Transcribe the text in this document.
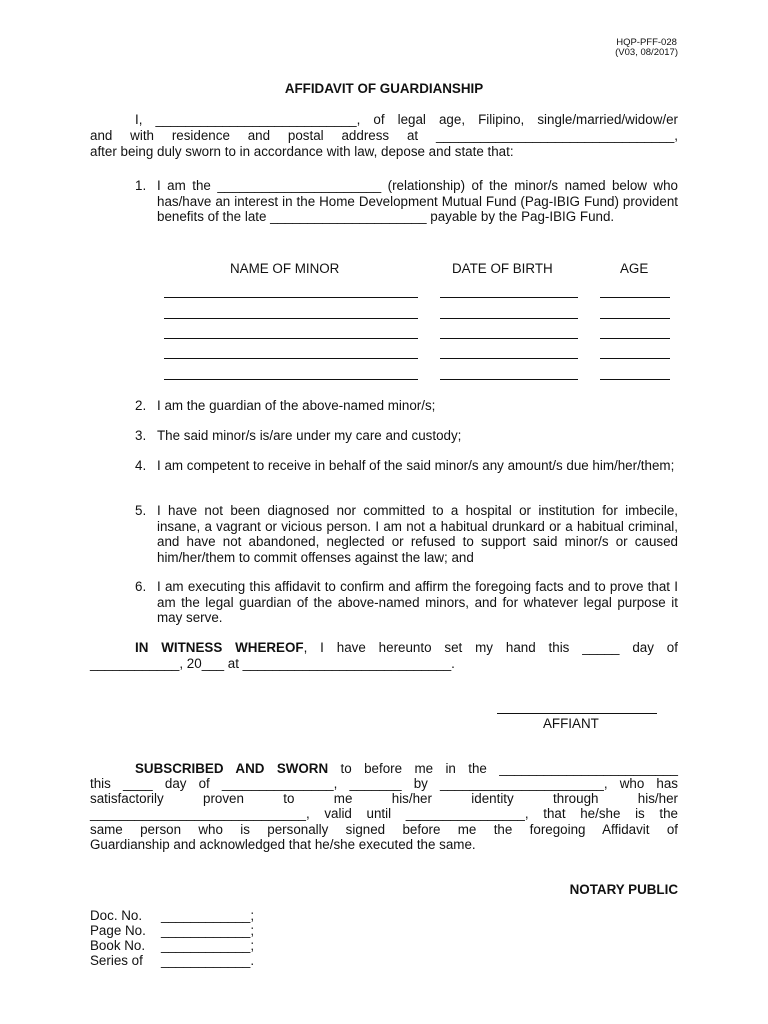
HQP-PFF-028
(V03, 08/2017)
AFFIDAVIT OF GUARDIANSHIP
I, ___________________________, of legal age, Filipino, single/married/widow/er
and with residence and postal address at ________________________________,
after being duly sworn to in accordance with law, depose and state that:
1. I am the ______________________ (relationship) of the minor/s named below who has/have an interest in the Home Development Mutual Fund (Pag-IBIG Fund) provident benefits of the late _____________________ payable by the Pag-IBIG Fund.
NAME OF MINOR	DATE OF BIRTH	AGE
2. I am the guardian of the above-named minor/s;
3. The said minor/s is/are under my care and custody;
4. I am competent to receive in behalf of the said minor/s any amount/s due him/her/them;
5. I have not been diagnosed nor committed to a hospital or institution for imbecile, insane, a vagrant or vicious person. I am not a habitual drunkard or a habitual criminal, and have not abandoned, neglected or refused to support said minor/s or caused him/her/them to commit offenses against the law; and
6. I am executing this affidavit to confirm and affirm the foregoing facts and to prove that I am the legal guardian of the above-named minors, and for whatever legal purpose it may serve.
IN WITNESS WHEREOF, I have hereunto set my hand this _____ day of
____________, 20___ at ____________________________.
AFFIANT
SUBSCRIBED AND SWORN to before me in the ________________________
this ____ day of _______________, _______ by ______________________, who has
satisfactorily proven to me his/her identity through his/her
_____________________________, valid until ________________, that he/she is the
same person who is personally signed before me the foregoing Affidavit of
Guardianship and acknowledged that he/she executed the same.
NOTARY PUBLIC
Doc. No. ____________;
Page No. ____________;
Book No. ____________;
Series of ____________.
